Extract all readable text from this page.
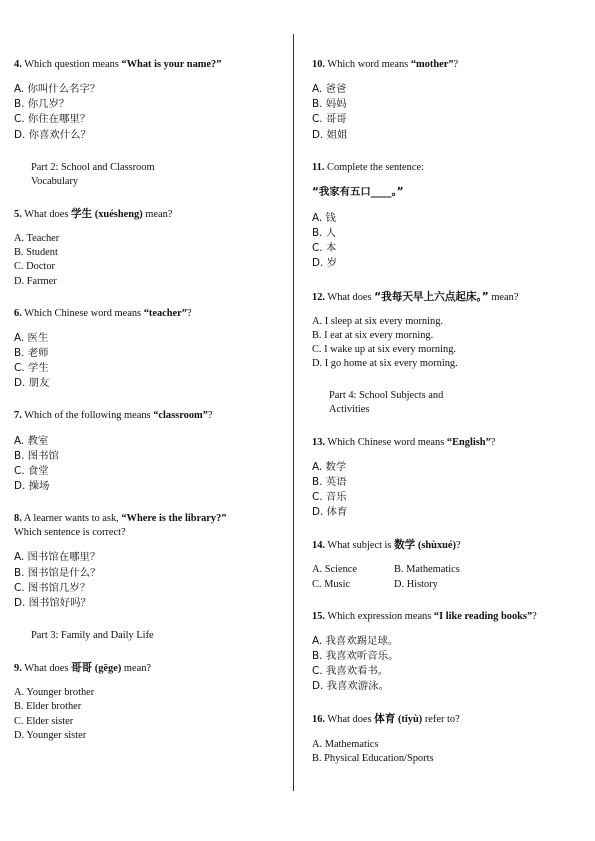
4. Which question means “What is your name?”

A. 你叫什么名字？
B. 你几岁？
C. 你住在哪里？
D. 你喜欢什么？
Part 2: School and Classroom
Vocabulary

5. What does 学生 (xuésheng) mean?

A. Teacher
B. Student
C. Doctor
D. Farmer

6. Which Chinese word means “teacher”?

A. 医生
B. 老师
C. 学生
D. 朋友

7. Which of the following means “classroom”?

A. 教室
B. 图书馆
C. 食堂
D. 操场

8. A learner wants to ask, “Where is the library?”
Which sentence is correct?

A. 图书馆在哪里？
B. 图书馆是什么？
C. 图书馆几岁？
D. 图书馆好吗？
Part 3: Family and Daily Life

9. What does 哥哥 (gēge) mean?

A. Younger brother
B. Elder brother
C. Elder sister
D. Younger sister

10. Which word means “mother”?

A. 爸爸
B. 妈妈
C. 哥哥
D. 姐姐

11. Complete the sentence:

“我家有五口____。”

A. 钱
B. 人
C. 本
D. 岁

12. What does “我每天早上六点起床。” mean?

A. I sleep at six every morning.
B. I eat at six every morning.
C. I wake up at six every morning.
D. I go home at six every morning.
Part 4: School Subjects and
Activities

13. Which Chinese word means “English”?

A. 数学
B. 英语
C. 音乐
D. 体育

14. What subject is 数学 (shùxué)?

A. Science	B. Mathematics
C. Music	D. History

15. Which expression means “I like reading books”?

A. 我喜欢踢足球。
B. 我喜欢听音乐。
C. 我喜欢看书。
D. 我喜欢游泳。

16. What does 体育 (tǐyù) refer to?

A. Mathematics
B. Physical Education/Sports
